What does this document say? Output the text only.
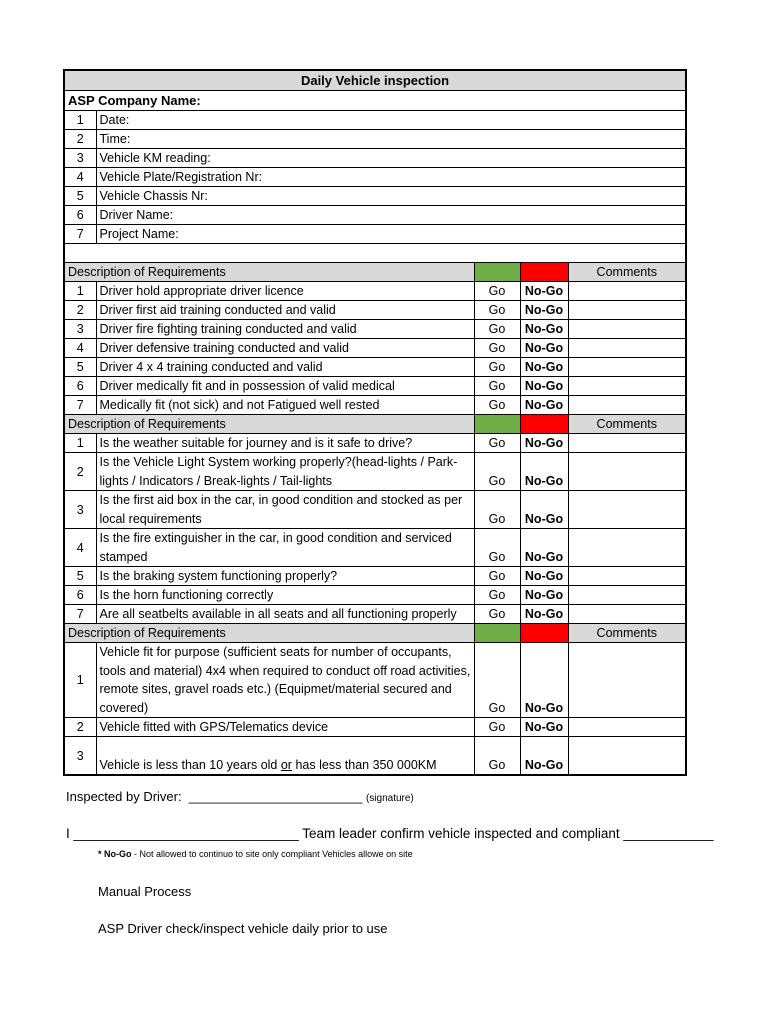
Daily Vehicle inspection				
ASP Company Name:				
1	Date:			
2	Time:			
3	Vehicle KM reading:			
4	Vehicle Plate/Registration Nr:			
5	Vehicle Chassis Nr:			
6	Driver Name:			
7	Project Name:			

Description of Requirements				Comments
1	Driver hold appropriate driver licence	Go	No-Go	
2	Driver first aid training conducted and valid	Go	No-Go	
3	Driver fire fighting training conducted and valid	Go	No-Go	
4	Driver defensive training conducted and valid	Go	No-Go	
5	Driver 4 x 4 training conducted and valid	Go	No-Go	
6	Driver medically fit and in possession of valid medical	Go	No-Go	
7	Medically fit (not sick) and not Fatigued well rested	Go	No-Go	
Description of Requirements				Comments
1	Is the weather suitable for journey and is it safe to drive?	Go	No-Go	
2	Is the Vehicle Light System working properly?(head-lights / Park-lights / Indicators / Break-lights / Tail-lights	Go	No-Go	
3	Is the first aid box in the car, in good condition and stocked as per local requirements	Go	No-Go	
4	Is the fire extinguisher in the car, in good condition and serviced stamped	Go	No-Go	
5	Is the braking system functioning properly?	Go	No-Go	
6	Is the horn functioning correctly	Go	No-Go	
7	Are all seatbelts available in all seats and all functioning properly	Go	No-Go	
Description of Requirements				Comments
1	Vehicle fit for purpose (sufficient seats for number of occupants, tools and material) 4x4 when required to conduct off road activities, remote sites, gravel roads etc.) (Equipmet/material secured and covered)	Go	No-Go	
2	Vehicle fitted with GPS/Telematics device	Go	No-Go	
3	Vehicle is less than 10 years old or has less than 350 000KM	Go	No-Go	
Inspected by Driver:  ________________________ (signature)
I ______________________________ Team leader confirm vehicle inspected and compliant ____________
* No-Go - Not allowed to continuo to site only compliant Vehicles allowe on site
Manual Process
ASP Driver check/inspect vehicle daily prior to use
